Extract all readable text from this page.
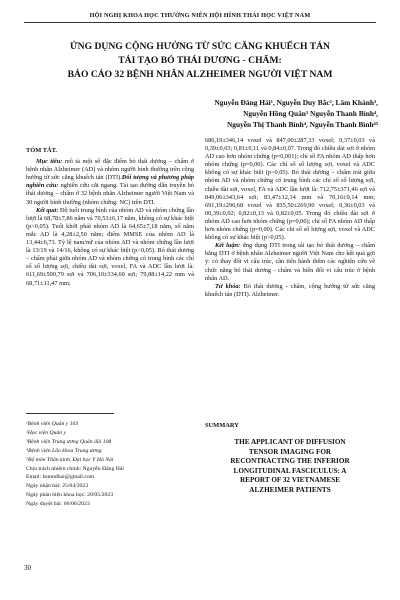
HỘI NGHỊ KHOA HỌC THƯỜNG NIÊN HỘI HÌNH THÁI HỌC VIỆT NAM
ỨNG DỤNG CỘNG HƯỞNG TỪ SỨC CĂNG KHUẾCH TÁN
TÁI TẠO BÓ THÁI DƯƠNG - CHẨM:
BÁO CÁO 32 BỆNH NHÂN ALZHEIMER NGƯỜI VIỆT NAM
Nguyễn Đăng Hải¹, Nguyễn Duy Bắc², Lâm Khánh³,
Nguyễn Hồng Quân³ Nguyễn Thanh Bình⁴,
Nguyễn Thị Thanh Bình⁴, Nguyễn Thanh Bình⁴⁵
TÓM TẮT.
Mục tiêu: mô tả một số đặc điểm bó thái dương – chẩm ở bệnh nhân Alzheimer (AD) và nhóm người bình thường trên cộng hưởng từ sức căng khuếch tán (DTI).Đối tượng và phương pháp nghiên cứu: nghiên cứu cắt ngang. Tái tạo đường dẫn truyền bó thái dương – chẩm ở 32 bệnh nhân Alzheimer người Việt Nam và 30 người bình thường (nhóm chứng: NC) trên DTI.
Kết quả: Độ tuổi trung bình của nhóm AD và nhóm chứng lần lượt là 68,78±7,86 năm và 70,53±6,17 năm, không có sự khác biệt (p>0,05). Tuổi khởi phát nhóm AD là 64,65±7,18 năm, số năm mắc AD là 4,28±2,50 năm; điểm MMSE của nhóm AD là 13,44±6,73. Tỷ lệ nam/nữ của nhóm AD và nhóm chứng lần lượt là 13/19 và 14/16, không có sự khác biệt (p>0,05). Bó thái dương – chẩm phải giữa nhóm AD và nhóm chứng có trung bình các chỉ số số lượng sợi, chiều dài sợi, voxel, FA và ADC lần lượt là: 611,69±500,79 sợi và 706,10±334,60 sợi; 79,88±14,22 mm và 68,71±11,47 mm;
¹Bệnh viện Quân y 103
²Học viện Quân y
³Bệnh viện Trung ương Quân đội 108
⁴Bệnh viện Lão khoa Trung ương
⁵Bộ môn Thần kinh, Đại học Y Hà Nội
Chịu trách nhiệm chính: Nguyễn Đăng Hải
Email: bsnmdhai@gmail.com
Ngày nhận bài: 25/04/2023
Ngày phản biện khoa học: 20/05/2023
Ngày duyệt bài: 06/06/2023
686,19±346,14 voxel và 847,00±287,33 voxel; 0,37±0,03 và 0,39±0,03; 0,81±0,11 và 0,84±0,07. Trong đó chiều dài sợi ở nhóm AD cao hơn nhóm chứng (p=0,001); chỉ số FA nhóm AD thấp hơn nhóm chứng (p=0,00). Các chỉ số số lượng sợi, voxel và ADC không có sự khác biệt (p>0,05). Bó thái dương – chẩm trái giữa nhóm AD và nhóm chứng có trung bình các chỉ số số lượng sợi, chiều dài sợi, voxel, FA và ADC lần lượt là: 712,75±371,46 sợi và 849,06±343,64 sợi; 83,47±12,14 mm và 70,16±9,14 mm; 691,19±296,68 voxel và 835,50±269,90 voxel; 0,36±0,03 và 00,39±0,02; 0,82±0,13 và 0,82±0,05. Trong đó chiều dài sợi ở nhóm AD cao hơn nhóm chứng (p=0,00); chỉ số FA nhóm AD thấp hơn nhóm chứng (p=0,00). Các chỉ số số lượng sợi, voxel và ADC không có sự khác biệt (p>0,05).
Kết luận: ứng dụng DTI trong tái tạo bó thái dương – chẩm bằng DTI ở bệnh nhân Alzheimer người Việt Nam cho kết quả gợi ý: có thay đổi vi cấu trúc, cần tiến hành thêm các nghiên cứu về chức năng bó thái dương - chẩm và biến đổi vi cấu trúc ở bệnh nhân AD.
Từ khóa: Bó thái dương - chẩm, cộng hưởng từ sức căng khuếch tán (DTI). Alzheimer.
SUMMARY
THE APPLICANT OF DIFFUSION
TENSOR IMAGING FOR
RECONTRACTING THE INFERIOR
LONGITUDINAL FASCICULUS: A
REPORT OF 32 VIETNAMESE
ALZHEIMER PATIENTS
30
